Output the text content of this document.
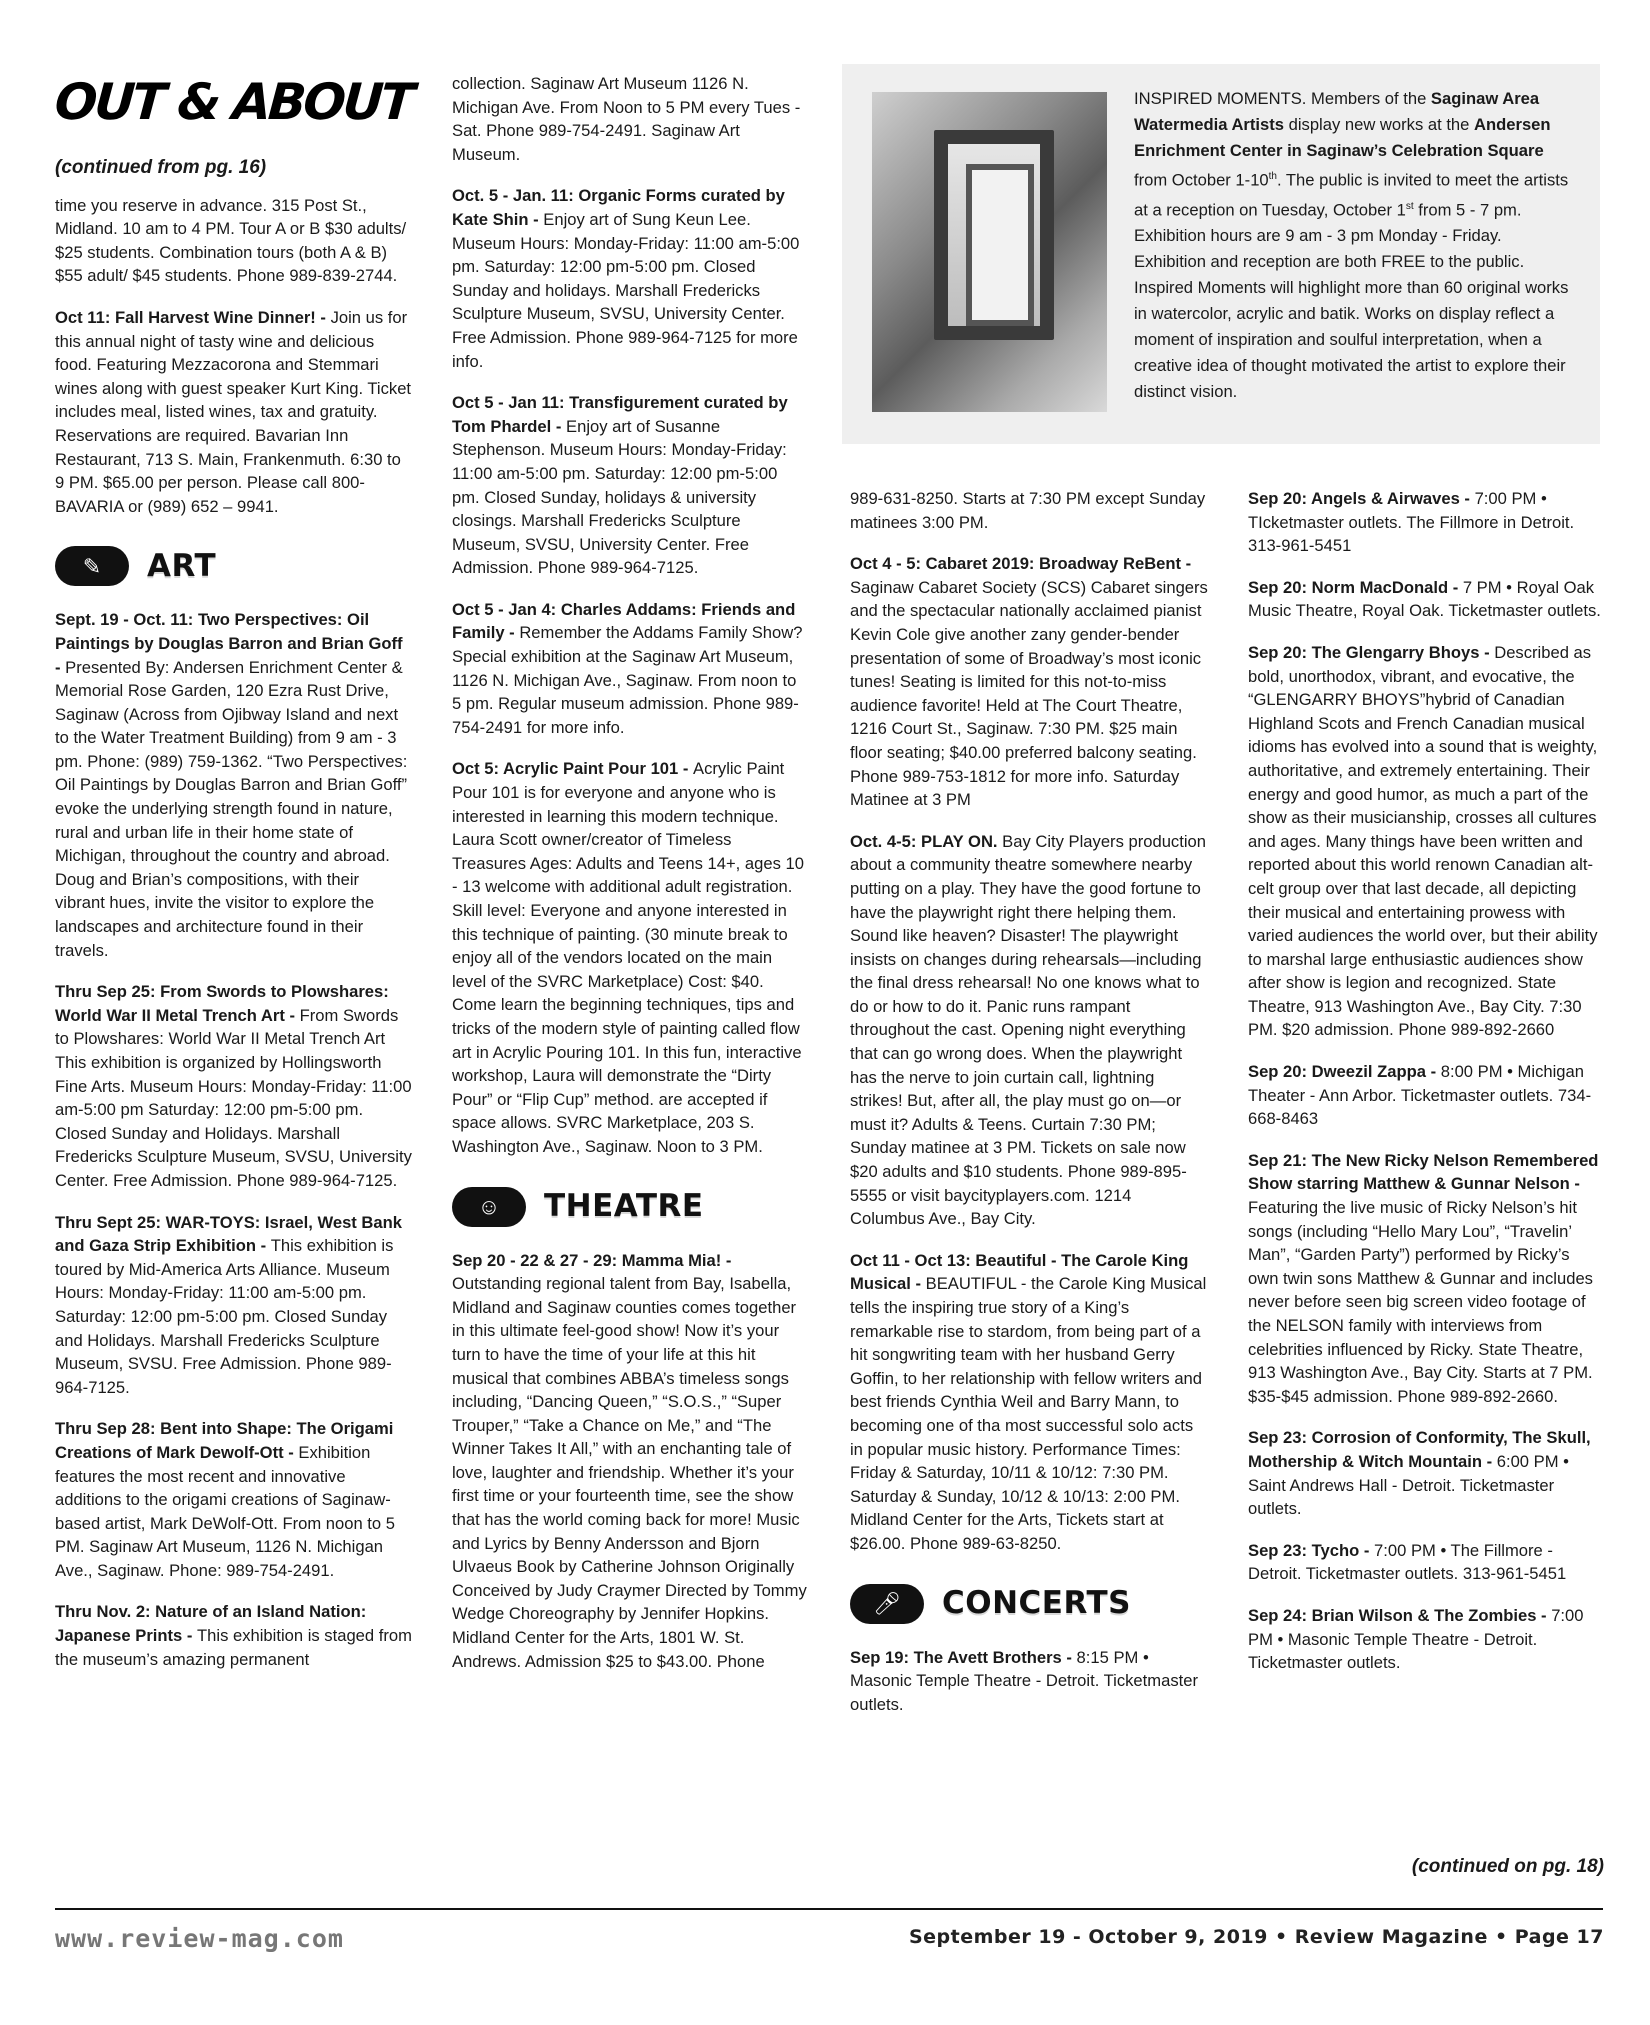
OUT & ABOUT	INSPIRED MOMENTS. Members of the Saginaw Area Watermedia Artists display new works at the Andersen Enrichment Center in Saginaw’s Celebration Square from October 1-10th. The public is invited to meet the artists at a reception on Tuesday, October 1st from 5 - 7 pm. Exhibition hours are 9 am - 3 pm Monday - Friday. Exhibition and reception are both FREE to the public. Inspired Moments will highlight more than 60 original works in watercolor, acrylic and batik. Works on display reflect a moment of inspiration and soulful interpretation, when a creative idea of thought motivated the artist to explore their distinct vision.
(continued from pg. 16)

time you reserve in advance. 315 Post St., Midland. 10 am to 4 PM. Tour A or B $30 adults/ $25 students. Combination tours (both A & B) $55 adult/ $45 students. Phone 989-839-2744.

Oct 11: Fall Harvest Wine Dinner! - Join us for this annual night of tasty wine and delicious food. Featuring Mezzacorona and Stemmari wines along with guest speaker Kurt King. Ticket includes meal, listed wines, tax and gratuity. Reservations are required. Bavarian Inn Restaurant, 713 S. Main, Frankenmuth. 6:30 to 9 PM. $65.00 per person. Please call 800-BAVARIA or (989) 652 – 9941.

✎	ART

Sept. 19 - Oct. 11: Two Perspectives: Oil Paintings by Douglas Barron and Brian Goff - Presented By: Andersen Enrichment Center & Memorial Rose Garden, 120 Ezra Rust Drive, Saginaw (Across from Ojibway Island and next to the Water Treatment Building) from 9 am - 3 pm. Phone: (989) 759-1362. “Two Perspectives: Oil Paintings by Douglas Barron and Brian Goff” evoke the underlying strength found in nature, rural and urban life in their home state of Michigan, throughout the country and abroad. Doug and Brian’s compositions, with their vibrant hues, invite the visitor to explore the landscapes and architecture found in their travels.

Thru Sep 25: From Swords to Plowshares: World War II Metal Trench Art - From Swords to Plowshares: World War II Metal Trench Art This exhibition is organized by Hollingsworth Fine Arts. Museum Hours: Monday-Friday: 11:00 am-5:00 pm Saturday: 12:00 pm-5:00 pm. Closed Sunday and Holidays. Marshall Fredericks Sculpture Museum, SVSU, University Center. Free Admission. Phone 989-964-7125.

Thru Sept 25: WAR-TOYS: Israel, West Bank and Gaza Strip Exhibition - This exhibition is toured by Mid-America Arts Alliance. Museum Hours: Monday-Friday: 11:00 am-5:00 pm. Saturday: 12:00 pm-5:00 pm. Closed Sunday and Holidays. Marshall Fredericks Sculpture Museum, SVSU. Free Admission. Phone 989-964-7125.

Thru Sep 28: Bent into Shape: The Origami Creations of Mark Dewolf-Ott - Exhibition features the most recent and innovative additions to the origami creations of Saginaw-based artist, Mark DeWolf-Ott. From noon to 5 PM. Saginaw Art Museum, 1126 N. Michigan Ave., Saginaw. Phone: 989-754-2491.

Thru Nov. 2: Nature of an Island Nation: Japanese Prints - This exhibition is staged from the museum’s amazing permanent

collection. Saginaw Art Museum 1126 N. Michigan Ave. From Noon to 5 PM every Tues - Sat. Phone 989-754-2491. Saginaw Art Museum.

Oct. 5 - Jan. 11: Organic Forms curated by Kate Shin - Enjoy art of Sung Keun Lee. Museum Hours: Monday-Friday: 11:00 am-5:00 pm. Saturday: 12:00 pm-5:00 pm. Closed Sunday and holidays. Marshall Fredericks Sculpture Museum, SVSU, University Center. Free Admission. Phone 989-964-7125 for more info.

Oct 5 - Jan 11: Transfigurement curated by Tom Phardel - Enjoy art of Susanne Stephenson. Museum Hours: Monday-Friday: 11:00 am-5:00 pm. Saturday: 12:00 pm-5:00 pm. Closed Sunday, holidays & university closings. Marshall Fredericks Sculpture Museum, SVSU, University Center. Free Admission. Phone 989-964-7125.

Oct 5 - Jan 4: Charles Addams: Friends and Family - Remember the Addams Family Show? Special exhibition at the Saginaw Art Museum, 1126 N. Michigan Ave., Saginaw. From noon to 5 pm. Regular museum admission. Phone 989-754-2491 for more info.

Oct 5: Acrylic Paint Pour 101 - Acrylic Paint Pour 101 is for everyone and anyone who is interested in learning this modern technique. Laura Scott owner/creator of Timeless Treasures Ages: Adults and Teens 14+, ages 10 - 13 welcome with additional adult registration. Skill level: Everyone and anyone interested in this technique of painting. (30 minute break to enjoy all of the vendors located on the main level of the SVRC Marketplace) Cost: $40. Come learn the beginning techniques, tips and tricks of the modern style of painting called flow art in Acrylic Pouring 101. In this fun, interactive workshop, Laura will demonstrate the “Dirty Pour” or “Flip Cup” method. are accepted if space allows. SVRC Marketplace, 203 S. Washington Ave., Saginaw. Noon to 3 PM.

☺	THEATRE

Sep 20 - 22 & 27 - 29: Mamma Mia! - Outstanding regional talent from Bay, Isabella, Midland and Saginaw counties comes together in this ultimate feel-good show! Now it’s your turn to have the time of your life at this hit musical that combines ABBA’s timeless songs including, “Dancing Queen,” “S.O.S.,” “Super Trouper,” “Take a Chance on Me,” and “The Winner Takes It All,” with an enchanting tale of love, laughter and friendship. Whether it’s your first time or your fourteenth time, see the show that has the world coming back for more! Music and Lyrics by Benny Andersson and Bjorn Ulvaeus Book by Catherine Johnson Originally Conceived by Judy Craymer Directed by Tommy Wedge Choreography by Jennifer Hopkins. Midland Center for the Arts, 1801 W. St. Andrews. Admission $25 to $43.00. Phone

989-631-8250. Starts at 7:30 PM except Sunday matinees 3:00 PM.

Oct 4 - 5: Cabaret 2019: Broadway ReBent - Saginaw Cabaret Society (SCS) Cabaret singers and the spectacular nationally acclaimed pianist Kevin Cole give another zany gender-bender presentation of some of Broadway’s most iconic tunes! Seating is limited for this not-to-miss audience favorite! Held at The Court Theatre, 1216 Court St., Saginaw. 7:30 PM. $25 main floor seating; $40.00 preferred balcony seating. Phone 989-753-1812 for more info. Saturday Matinee at 3 PM

Oct. 4-5: PLAY ON. Bay City Players production about a community theatre somewhere nearby putting on a play. They have the good fortune to have the playwright right there helping them. Sound like heaven? Disaster! The playwright insists on changes during rehearsals—including the final dress rehearsal! No one knows what to do or how to do it. Panic runs rampant throughout the cast. Opening night everything that can go wrong does. When the playwright has the nerve to join curtain call, lightning strikes! But, after all, the play must go on—or must it? Adults & Teens. Curtain 7:30 PM; Sunday matinee at 3 PM. Tickets on sale now $20 adults and $10 students. Phone 989-895-5555 or visit baycityplayers.com. 1214 Columbus Ave., Bay City.

Oct 11 - Oct 13: Beautiful - The Carole King Musical - BEAUTIFUL - the Carole King Musical tells the inspiring true story of a King’s remarkable rise to stardom, from being part of a hit songwriting team with her husband Gerry Goffin, to her relationship with fellow writers and best friends Cynthia Weil and Barry Mann, to becoming one of tha most successful solo acts in popular music history. Performance Times: Friday & Saturday, 10/11 & 10/12: 7:30 PM. Saturday & Sunday, 10/12 & 10/13: 2:00 PM. Midland Center for the Arts, Tickets start at $26.00. Phone 989-63-8250.

🎤︎	CONCERTS

Sep 19: The Avett Brothers - 8:15 PM • Masonic Temple Theatre - Detroit. Ticketmaster outlets.

Sep 20: Angels & Airwaves - 7:00 PM • TIcketmaster outlets. The Fillmore in Detroit. 313-961-5451

Sep 20: Norm MacDonald - 7 PM • Royal Oak Music Theatre, Royal Oak. Ticketmaster outlets.

Sep 20: The Glengarry Bhoys - Described as bold, unorthodox, vibrant, and evocative, the “GLENGARRY BHOYS”hybrid of Canadian Highland Scots and French Canadian musical idioms has evolved into a sound that is weighty, authoritative, and extremely entertaining. Their energy and good humor, as much a part of the show as their musicianship, crosses all cultures and ages. Many things have been written and reported about this world renown Canadian alt-celt group over that last decade, all depicting their musical and entertaining prowess with varied audiences the world over, but their ability to marshal large enthusiastic audiences show after show is legion and recognized. State Theatre, 913 Washington Ave., Bay City. 7:30 PM. $20 admission. Phone 989-892-2660

Sep 20: Dweezil Zappa - 8:00 PM • Michigan Theater - Ann Arbor. Ticketmaster outlets. 734-668-8463

Sep 21: The New Ricky Nelson Remembered Show starring Matthew & Gunnar Nelson - Featuring the live music of Ricky Nelson’s hit songs (including “Hello Mary Lou”, “Travelin’ Man”, “Garden Party”) performed by Ricky’s own twin sons Matthew & Gunnar and includes never before seen big screen video footage of the NELSON family with interviews from celebrities influenced by Ricky. State Theatre, 913 Washington Ave., Bay City. Starts at 7 PM. $35-$45 admission. Phone 989-892-2660.

Sep 23: Corrosion of Conformity, The Skull, Mothership & Witch Mountain - 6:00 PM • Saint Andrews Hall - Detroit. Ticketmaster outlets.

Sep 23: Tycho - 7:00 PM • The Fillmore - Detroit. Ticketmaster outlets. 313-961-5451

Sep 24: Brian Wilson & The Zombies - 7:00 PM • Masonic Temple Theatre - Detroit. Ticketmaster outlets.

(continued on pg. 18)
www.review-mag.com	September 19 - October 9, 2019 • Review Magazine • Page 17
